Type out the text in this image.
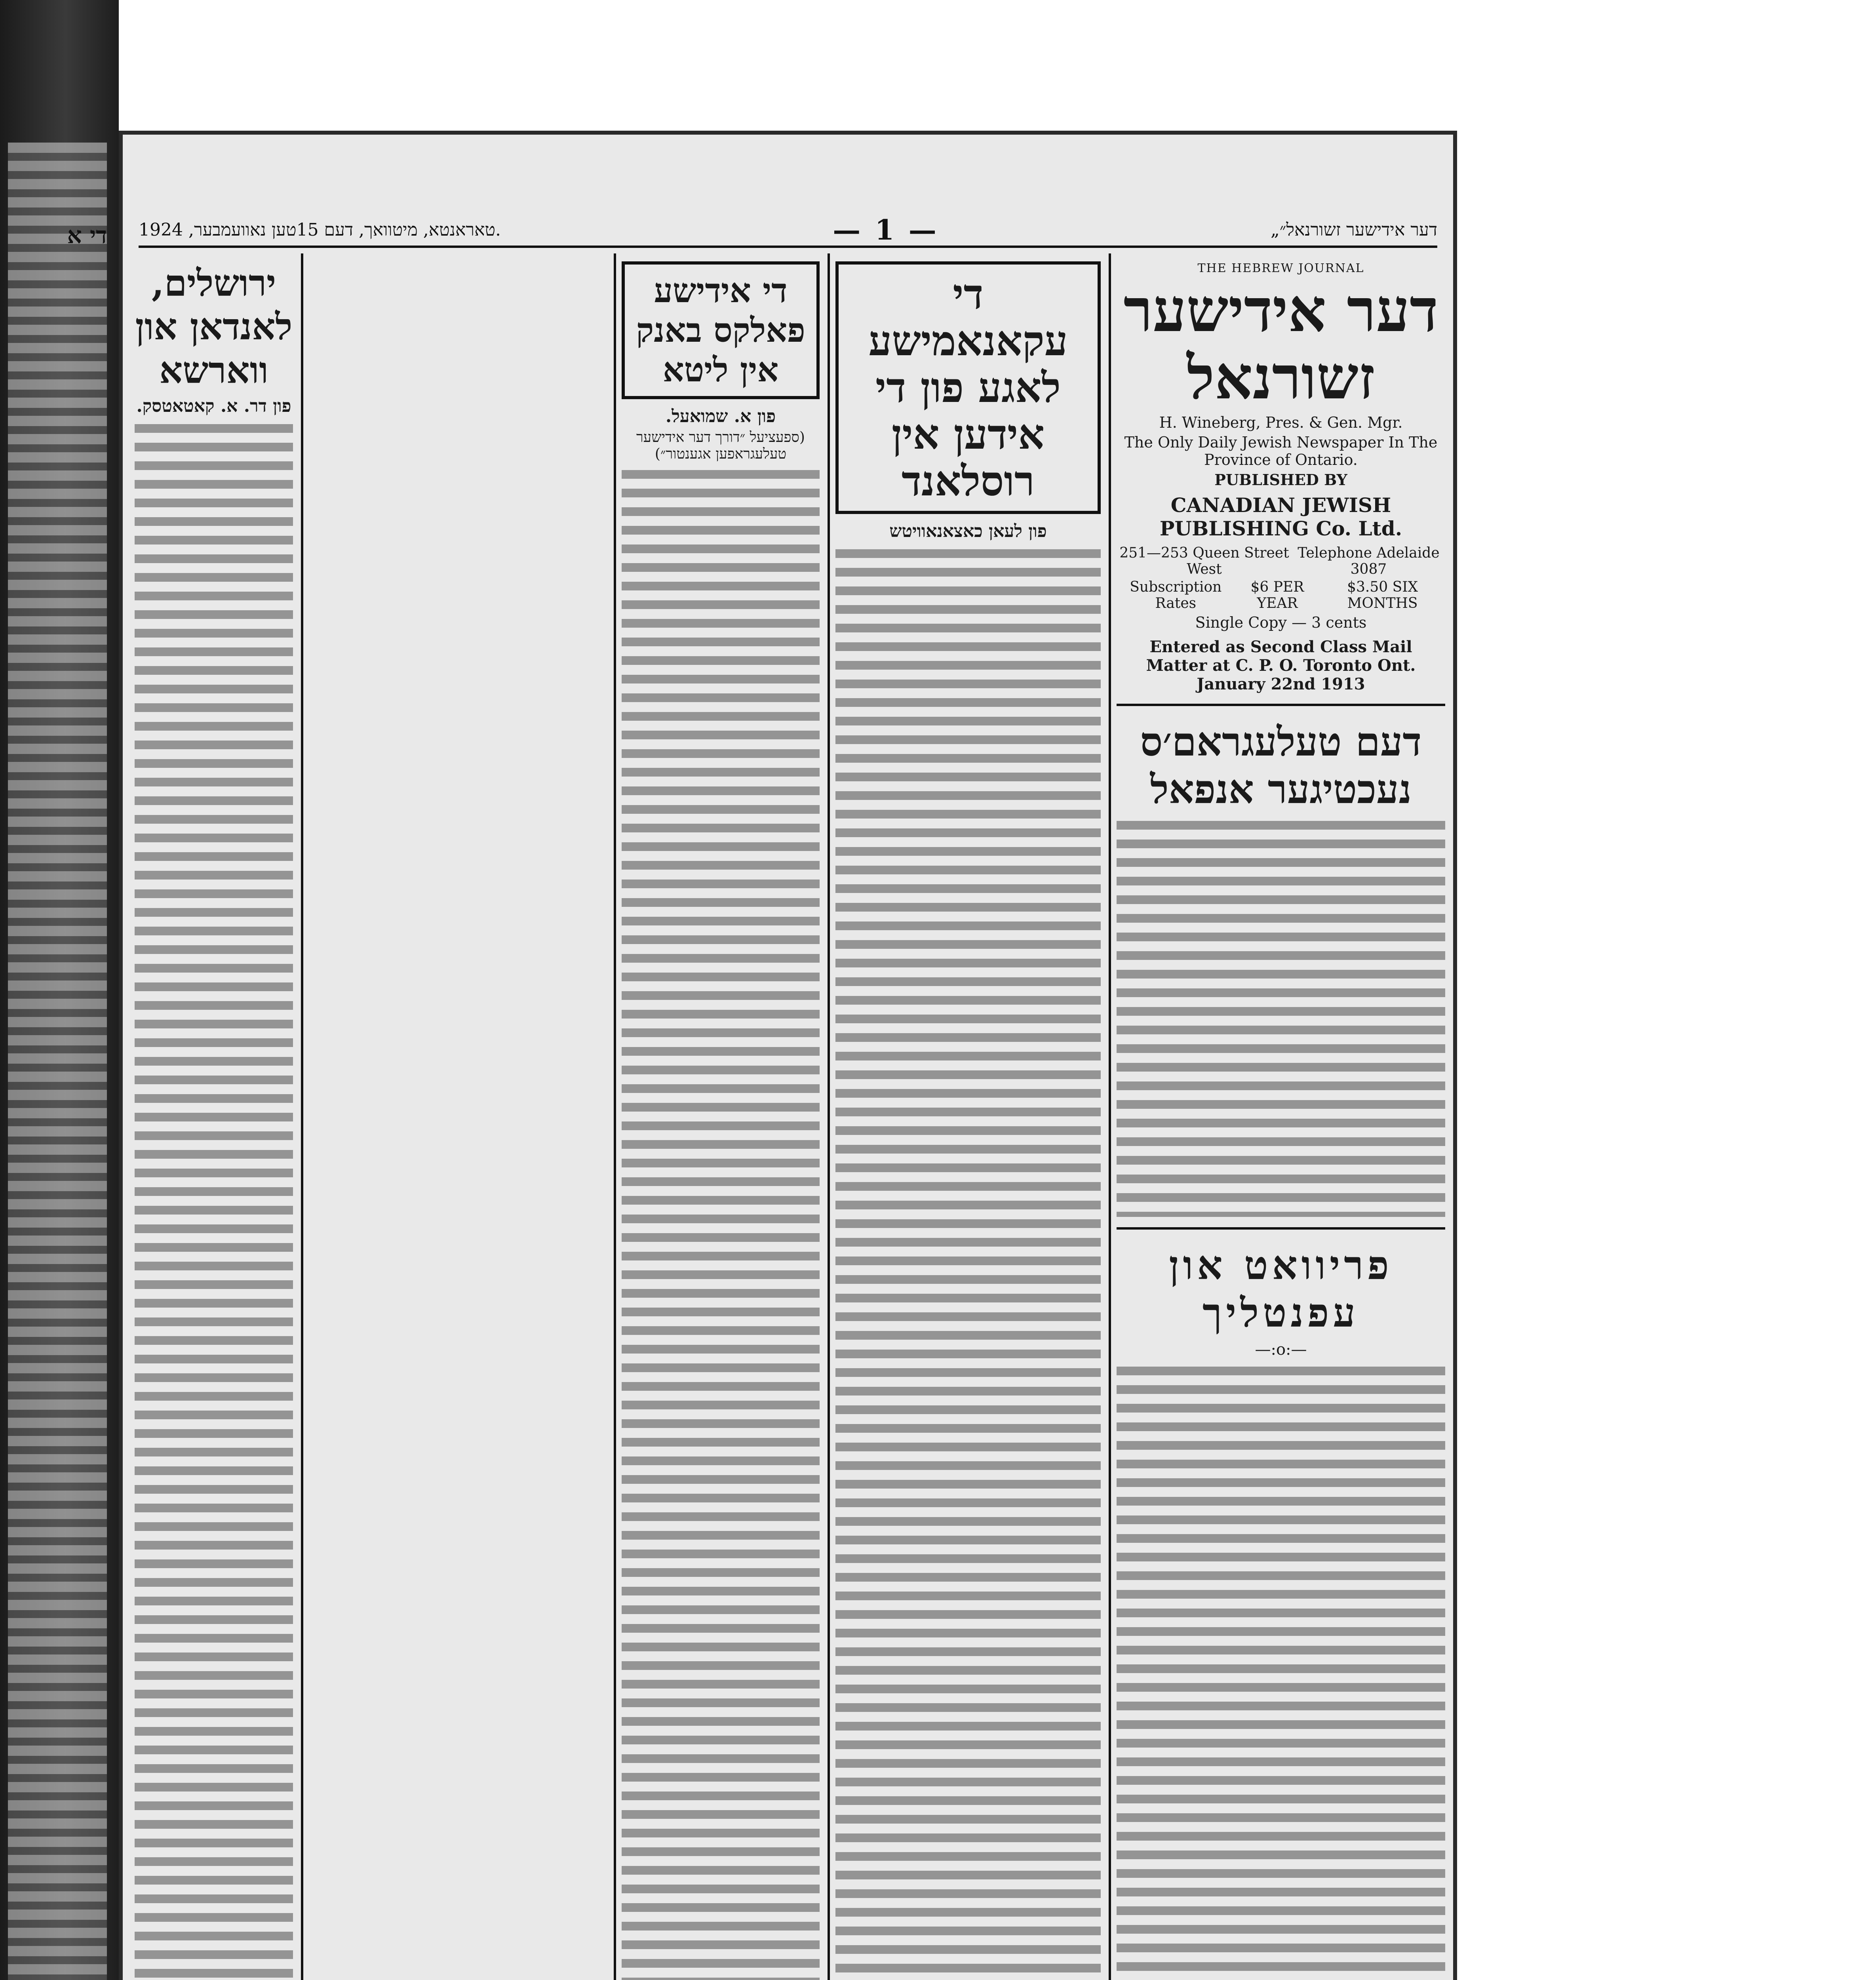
די א טאראנטא, מיטוואך, דעם 15טען נאוועמבער, 1924.	— 1 —	„דער אידישער זשורנאל״
THE HEBREW JOURNAL
דער אידישער זשורנאל
H. Wineberg, Pres. & Gen. Mgr.
The Only Daily Jewish Newspaper In The Province of Ontario.
PUBLISHED BY
CANADIAN JEWISH PUBLISHING Co. Ltd.
251—253 Queen Street West
Telephone Adelaide 3087
Subscription Rates
$6 PER YEAR
$3.50 SIX MONTHS
Single Copy — 3 cents
Entered as Second Class Mail Matter at C. P. O. Toronto Ont. January 22nd 1913
דעם טעלעגראם׳ס נעכטיגער אנפאל
פריוואט און עפנטליך
—:o:—
די עקאנאמישע לאגע פון די אידען אין רוסלאנד
פון לעאן כאצאנאוויטש
די אידישע פאלקס באנק אין ליטא
פון א. שמואעל.
(ספעציעל ״דורך דער אידישער טעלעגראפען אגענטור״)
ירושלים, לאנדאן און ווארשא
פון דר. א. קאטאטסק.
